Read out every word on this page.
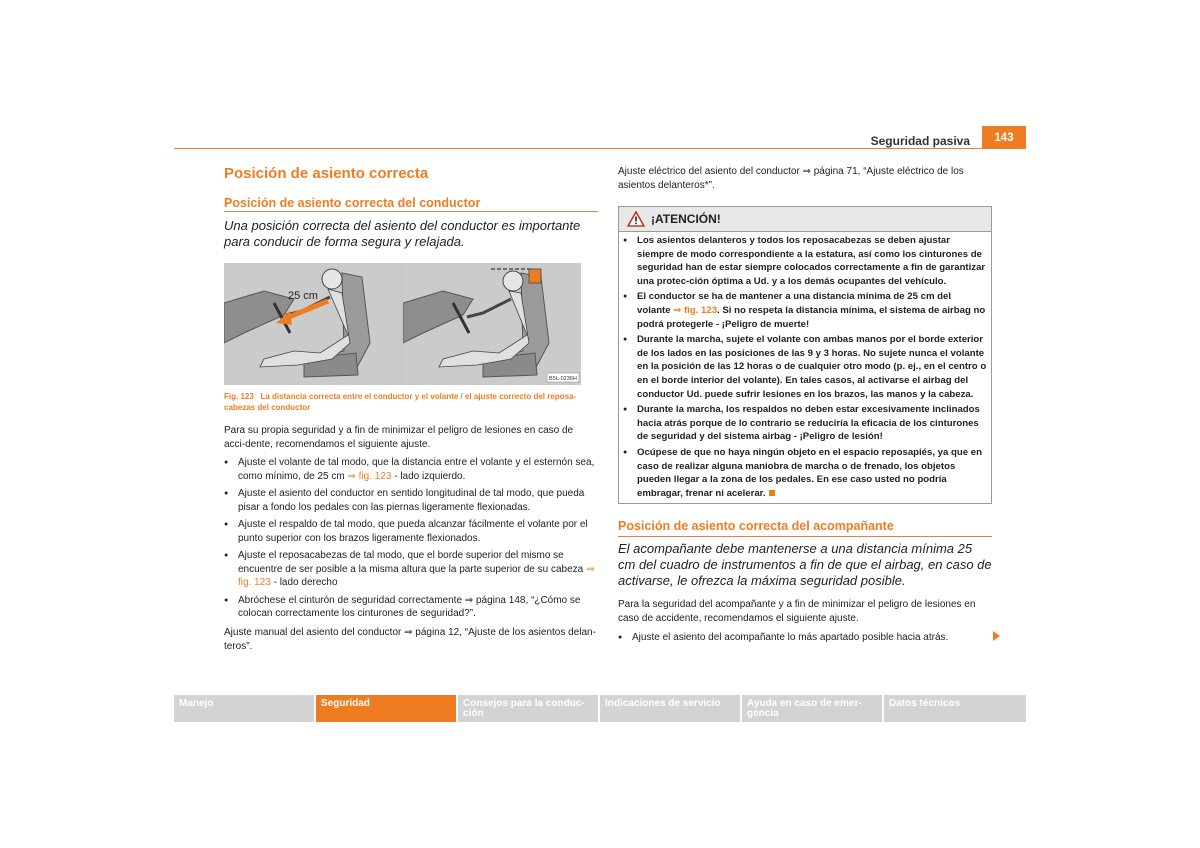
Seguridad pasiva	143
Posición de asiento correcta
Posición de asiento correcta del conductor
Una posición correcta del asiento del conductor es importante para conducir de forma segura y relajada.
25 cm
B5L-0236H
Fig. 123 La distancia correcta entre el conductor y el volante / el ajuste correcto del reposa-cabezas del conductor
Para su propia seguridad y a fin de minimizar el peligro de lesiones en caso de acci-dente, recomendamos el siguiente ajuste.
● Ajuste el volante de tal modo, que la distancia entre el volante y el esternón sea, como mínimo, de 25 cm ⇒ fig. 123 - lado izquierdo.
● Ajuste el asiento del conductor en sentido longitudinal de tal modo, que pueda pisar a fondo los pedales con las piernas ligeramente flexionadas.
● Ajuste el respaldo de tal modo, que pueda alcanzar fácilmente el volante por el punto superior con los brazos ligeramente flexionados.
● Ajuste el reposacabezas de tal modo, que el borde superior del mismo se encuentre de ser posible a la misma altura que la parte superior de su cabeza ⇒ fig. 123 - lado derecho
● Abróchese el cinturón de seguridad correctamente ⇒ página 148, “¿Cómo se colocan correctamente los cinturones de seguridad?”.
Ajuste manual del asiento del conductor ⇒ página 12, “Ajuste de los asientos delan-teros”.
Ajuste eléctrico del asiento del conductor ⇒ página 71, “Ajuste eléctrico de los asientos delanteros*”.
¡ATENCIÓN!
● Los asientos delanteros y todos los reposacabezas se deben ajustar siempre de modo correspondiente a la estatura, así como los cinturones de seguridad han de estar siempre colocados correctamente a fin de garantizar una protec-ción óptima a Ud. y a los demás ocupantes del vehículo.
● El conductor se ha de mantener a una distancia mínima de 25 cm del volante ⇒ fig. 123. Si no respeta la distancia mínima, el sistema de airbag no podrá protegerle - ¡Peligro de muerte!
● Durante la marcha, sujete el volante con ambas manos por el borde exterior de los lados en las posiciones de las 9 y 3 horas. No sujete nunca el volante en la posición de las 12 horas o de cualquier otro modo (p. ej., en el centro o en el borde interior del volante). En tales casos, al activarse el airbag del conductor Ud. puede sufrir lesiones en los brazos, las manos y la cabeza.
● Durante la marcha, los respaldos no deben estar excesivamente inclinados hacia atrás porque de lo contrario se reduciría la eficacia de los cinturones de seguridad y del sistema airbag - ¡Peligro de lesión!
● Ocúpese de que no haya ningún objeto en el espacio reposapiés, ya que en caso de realizar alguna maniobra de marcha o de frenado, los objetos pueden llegar a la zona de los pedales. En ese caso usted no podría embragar, frenar ni acelerar.
Posición de asiento correcta del acompañante
El acompañante debe mantenerse a una distancia mínima 25 cm del cuadro de instrumentos a fin de que el airbag, en caso de activarse, le ofrezca la máxima seguridad posible.
Para la seguridad del acompañante y a fin de minimizar el peligro de lesiones en caso de accidente, recomendamos el siguiente ajuste.
● Ajuste el asiento del acompañante lo más apartado posible hacia atrás.
Manejo	Seguridad	Consejos para la conduc-ción
Indicaciones de servicio	Ayuda en caso de emer-gencia
Datos técnicos
